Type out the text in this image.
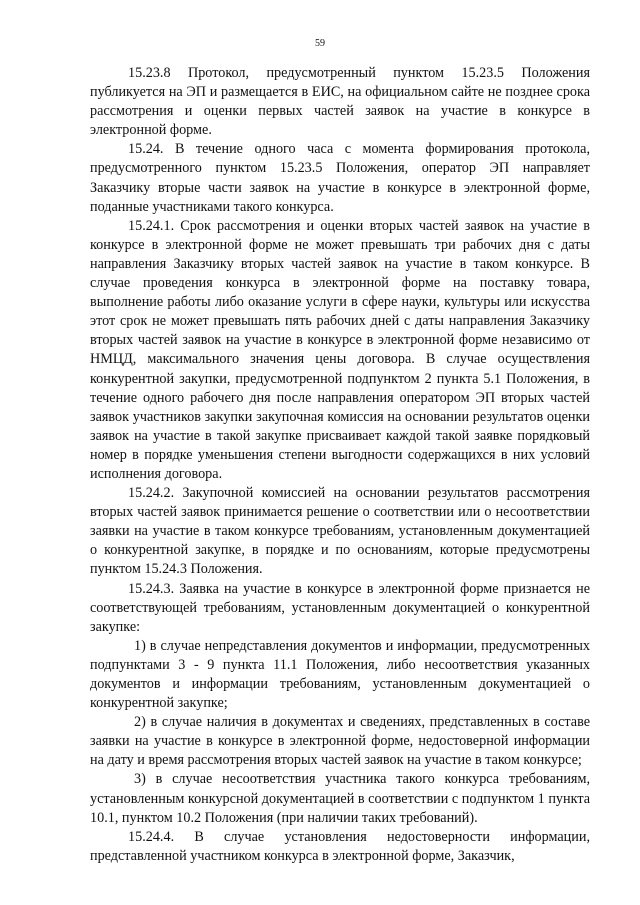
59

15.23.8 Протокол, предусмотренный пунктом 15.23.5 Положения публикуется на ЭП и размещается в ЕИС, на официальном сайте не позднее срока рассмотрения и оценки первых частей заявок на участие в конкурсе в электронной форме.

15.24. В течение одного часа с момента формирования протокола, предусмотренного пунктом 15.23.5 Положения, оператор ЭП направляет Заказчику вторые части заявок на участие в конкурсе в электронной форме, поданные участниками такого конкурса.

15.24.1. Срок рассмотрения и оценки вторых частей заявок на участие в конкурсе в электронной форме не может превышать три рабочих дня с даты направления Заказчику вторых частей заявок на участие в таком конкурсе. В случае проведения конкурса в электронной форме на поставку товара, выполнение работы либо оказание услуги в сфере науки, культуры или искусства этот срок не может превышать пять рабочих дней с даты направления Заказчику вторых частей заявок на участие в конкурсе в электронной форме независимо от НМЦД, максимального значения цены договора. В случае осуществления конкурентной закупки, предусмотренной подпунктом 2 пункта 5.1 Положения, в течение одного рабочего дня после направления оператором ЭП вторых частей заявок участников закупки закупочная комиссия на основании результатов оценки заявок на участие в такой закупке присваивает каждой такой заявке порядковый номер в порядке уменьшения степени выгодности содержащихся в них условий исполнения договора.

15.24.2. Закупочной комиссией на основании результатов рассмотрения вторых частей заявок принимается решение о соответствии или о несоответствии заявки на участие в таком конкурсе требованиям, установленным документацией о конкурентной закупке, в порядке и по основаниям, которые предусмотрены пунктом 15.24.3 Положения.

15.24.3. Заявка на участие в конкурсе в электронной форме признается не соответствующей требованиям, установленным документацией о конкурентной закупке:

1) в случае непредставления документов и информации, предусмотренных подпунктами 3 - 9 пункта 11.1 Положения, либо несоответствия указанных документов и информации требованиям, установленным документацией о конкурентной закупке;

2) в случае наличия в документах и сведениях, представленных в составе заявки на участие в конкурсе в электронной форме, недостоверной информации на дату и время рассмотрения вторых частей заявок на участие в таком конкурсе;

3) в случае несоответствия участника такого конкурса требованиям, установленным конкурсной документацией в соответствии с подпунктом 1 пункта 10.1, пунктом 10.2 Положения (при наличии таких требований).

15.24.4. В случае установления недостоверности информации, представленной участником конкурса в электронной форме, Заказчик,
